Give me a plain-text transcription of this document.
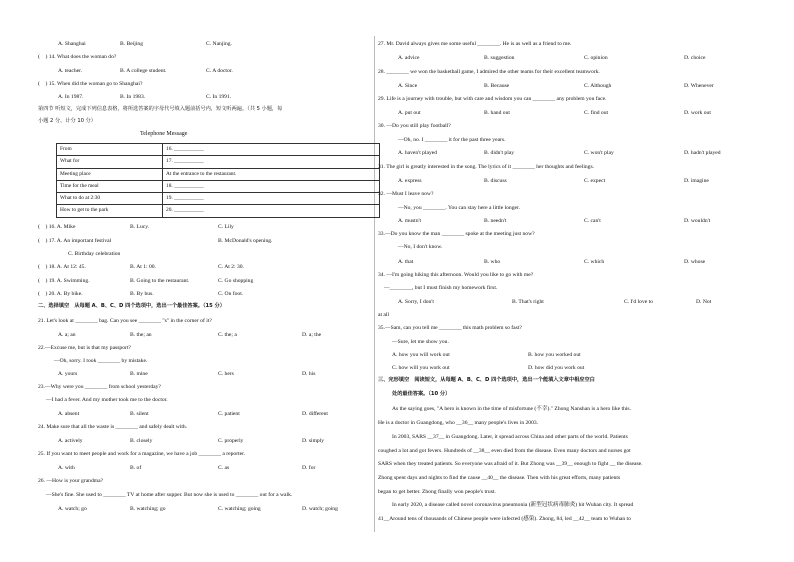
A. Shanghai	B. Beijing	C. Nanjing.
(　) 14. What does the woman do?
A. teacher.	B. A college student.	C. A doctor.
(　) 15. When did the woman go to Shanghai?
A. In 1987.	B. In 1983.	C. In 1991.
第四节 听短文，完成下列信息表格，将所选答案的字母代号填入题前括号内，短文听两遍。（共 5 小题，每
小题 2 分，计分 10 分）
Telephone Message
From	16. ___________
What for	17. ___________
Meeting place	At the entrance to the restaurant.
Time for the meal	18. ___________
What to do at 2:30	19. ___________
How to get to the park	20. ___________
(　) 16. A. Mike	B. Lucy.	C. Lily
(　) 17. A. An important festival	B. McDonald's opening.
C. Birthday celebration
(　) 18. A. At 12: 45.	B. At 1: 00.	C. At 2: 30.
(　) 19. A. Swimming.	B. Going to the restaurant.	C. Go shopping
(　) 20. A. By bike.	B. By bus.	C. On foot.
二、选择填空　从每题 A、B、C、D 四个选项中，选出一个最佳答案。（15 分）
21. Let's look at ________ bag. Can you see ________ "s" in the corner of it?
A. a; an	B. the; an	C. the; a	D. a; the
22.—Excuse me, but is that my passport?
—Oh, sorry. I took ________ by mistake.
A. yours	B. mine	C. hers	D. his
23.—Why were you ________ from school yesterday?
—I had a fever. And my mother took me to the doctor.
A. absent	B. silent	C. patient	D. different
24. Make sure that all the waste is ________ and safely dealt with.
A. actively	B. closely	C. properly	D. simply
25. If you want to meet people and work for a magazine, we have a job ________ a reporter.
A. with	B. of	C. as	D. for
26. —How is your grandma?
—She's fine. She used to ________ TV at home after supper. But now she is used to ________ out for a walk.
A. watch; go	B. watching; go	C. watching; going	D. watch; going
27. Mr. David always gives me some useful ________. He is as well as a friend to me.
A. advice	B. suggestion	C. opinion	D. choice
28. ________ we won the basketball game, I admired the other teams for their excellent teamwork.
A. Since	B. Because	C. Although	D. Whenever
29. Life is a journey with trouble, but with care and wisdom you can ________ any problem you face.
A. put out	B. hand out	C. find out	D. work out
30. —Do you still play football?
—Oh, no. I ________ it for the past three years.
A. haven't played	B. didn't play	C. won't play	D. hadn't played
31. The girl is greatly interested in the song. The lyrics of it ________ her thoughts and feelings.
A. express	B. discuss	C. expect	D. imagine
32. —Must I leave now?
—No, you ________. You can stay here a little longer.
A. mustn't	B. needn't	C. can't	D. wouldn't
33.—Do you know the man ________ spoke at the meeting just now?
—No, I don't know.
A. that	B. who	C. which	D. whose
34. —I'm going hiking this afternoon. Would you like to go with me?
—________, but I must finish my homework first.
A. Sorry, I don't	B. That's right	C. I'd love to	D. Not
at all
35.—Sam, can you tell me ________ this math problem so fast?
—Sure, let me show you.
A. how you will work out	B. how you worked out
C. how will you work out	D. how did you work out
三、完形填空　阅读短文，从每题 A、B、C、D 四个选项中，选出一个能填入文章中相应空白
处的最佳答案。（10 分）
As the saying goes, "A hero is known in the time of misfortune (不幸)." Zhong Nanshan is a hero like this.
He is a doctor in Guangdong, who __36__ many people's lives in 2003.
In 2003, SARS __37__ in Guangdong. Later, it spread across China and other parts of the world. Patients
coughed a lot and got fevers. Hundreds of __38__ even died from the disease. Even many doctors and nurses got
SARS when they treated patients. So everyone was afraid of it. But Zhong was __39__ enough to fight __ the disease.
Zhong spent days and nights to find the cause __40__ the disease. Then with his great efforts, many patients
began to get better. Zhong finally won people's trust.
In early 2020, a disease called novel coronavirus pneumonia (新型冠状病毒肺炎) hit Wuhan city. It spread
41__Around tens of thousands of Chinese people were infected (感染). Zhong, 84, led __42__ team to Wuhan to
